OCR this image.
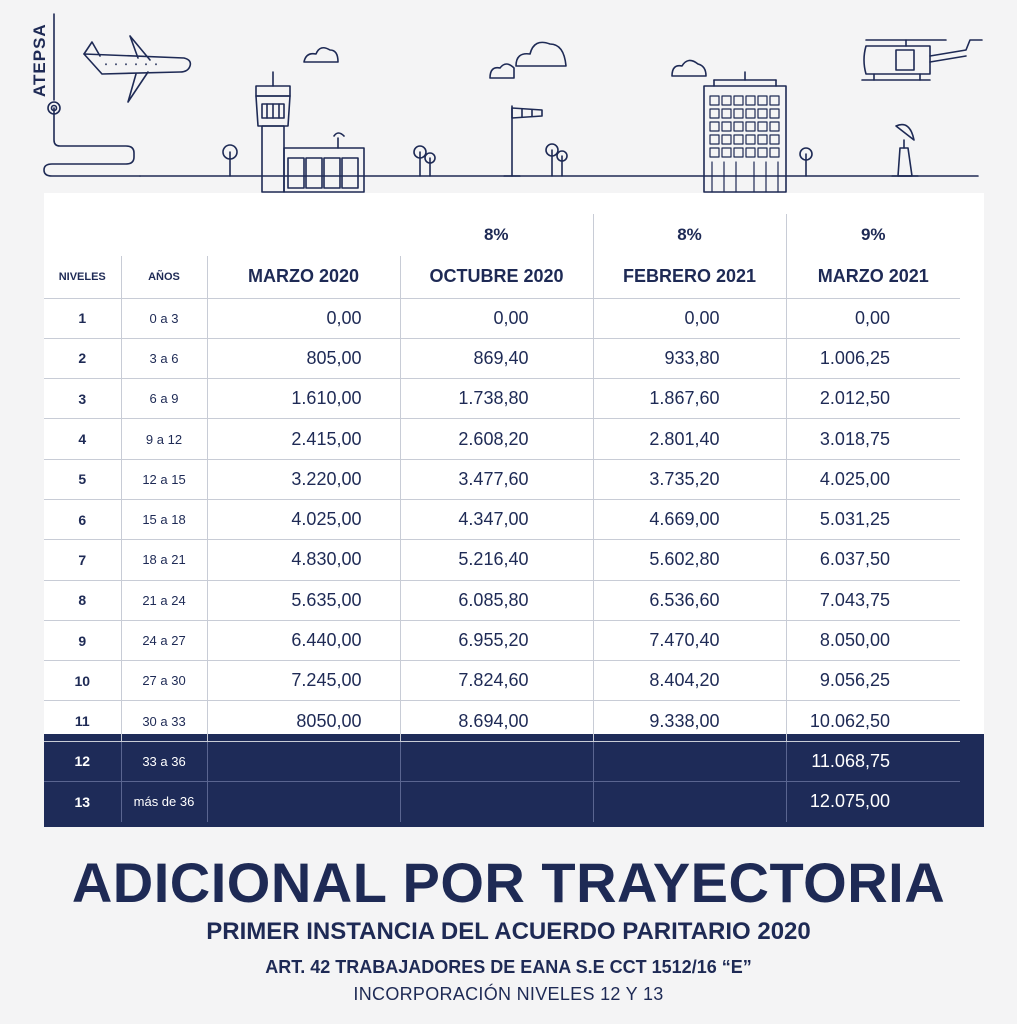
ATEPSA
			8%	8%	9%
NIVELES	AÑOS	MARZO 2020	OCTUBRE 2020	FEBRERO 2021	MARZO 2021
1	0 a 3	0,00	0,00	0,00	0,00
2	3 a 6	805,00	869,40	933,80	1.006,25
3	6 a 9	1.610,00	1.738,80	1.867,60	2.012,50
4	9 a 12	2.415,00	2.608,20	2.801,40	3.018,75
5	12 a 15	3.220,00	3.477,60	3.735,20	4.025,00
6	15 a 18	4.025,00	4.347,00	4.669,00	5.031,25
7	18 a 21	4.830,00	5.216,40	5.602,80	6.037,50
8	21 a 24	5.635,00	6.085,80	6.536,60	7.043,75
9	24 a 27	6.440,00	6.955,20	7.470,40	8.050,00
10	27 a 30	7.245,00	7.824,60	8.404,20	9.056,25
11	30 a 33	8050,00	8.694,00	9.338,00	10.062,50
12	33 a 36				11.068,75
13	más de 36				12.075,00
ADICIONAL POR TRAYECTORIA
PRIMER INSTANCIA DEL ACUERDO PARITARIO 2020
ART. 42 TRABAJADORES DE EANA S.E CCT 1512/16 “E”
INCORPORACIÓN NIVELES 12 Y 13
